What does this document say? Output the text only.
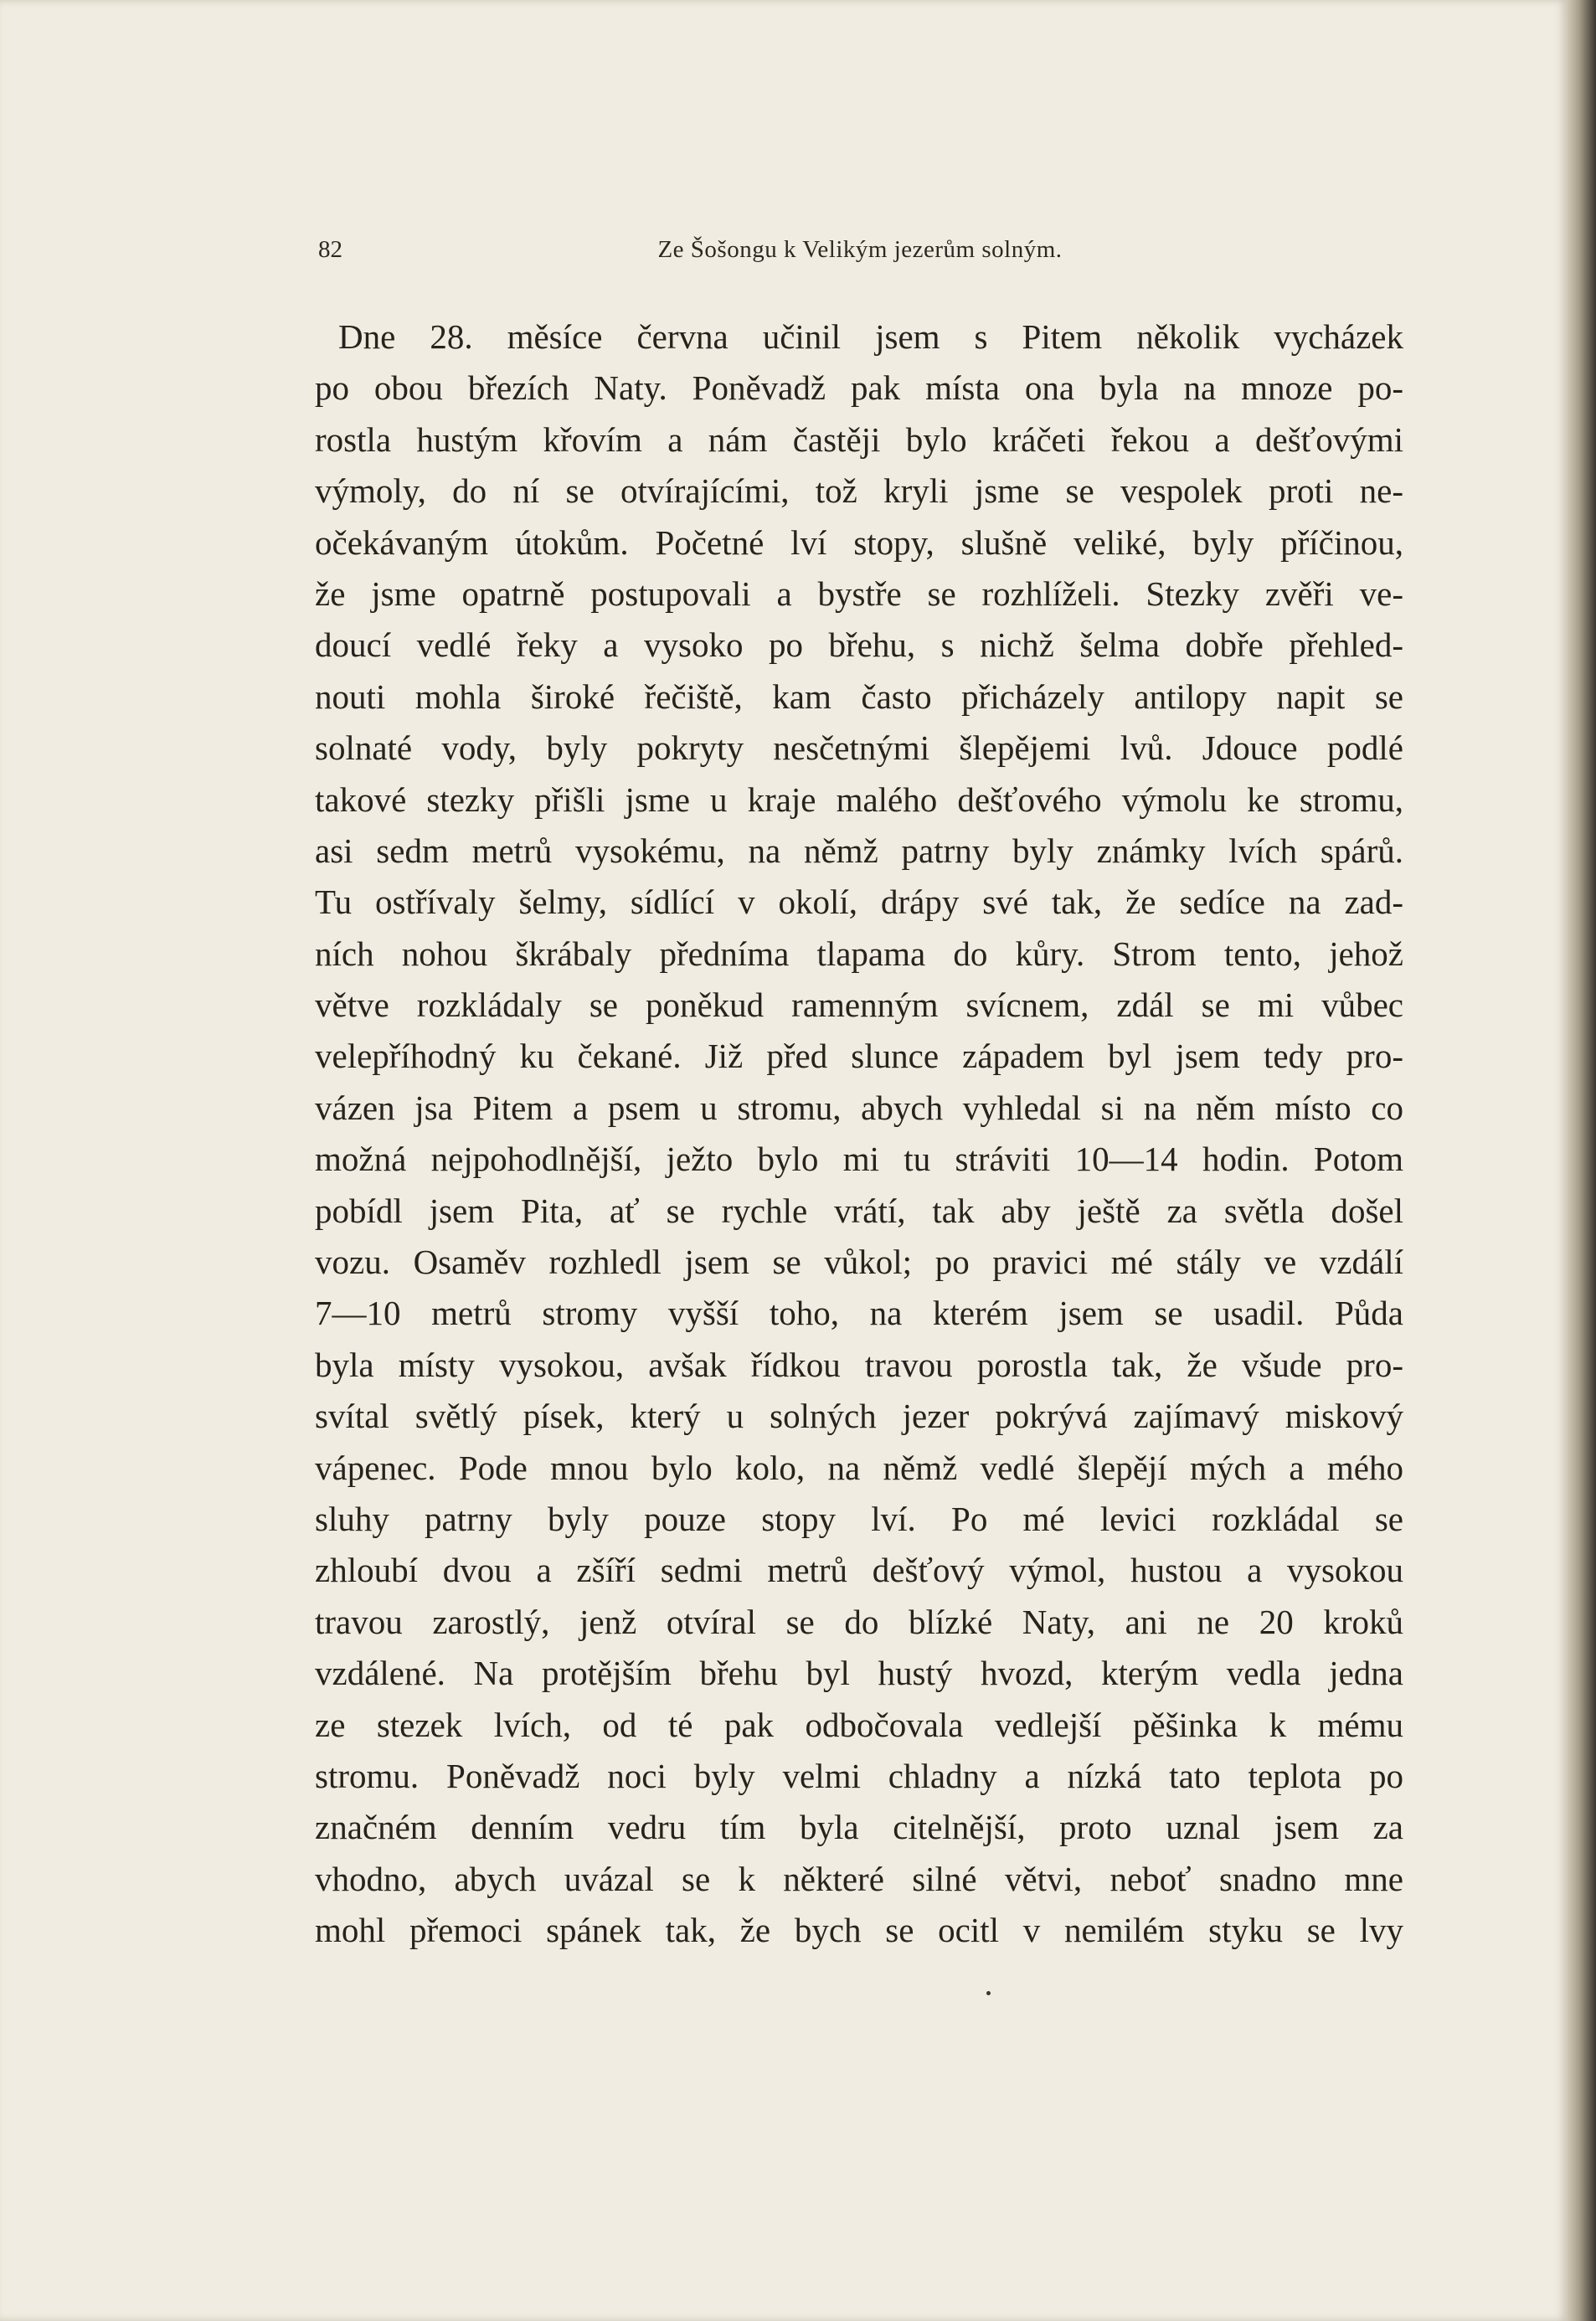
82	Ze Šošongu k Velikým jezerům solným.
Dne 28. měsíce června učinil jsem s Pitem několik vycházek
po obou březích Naty. Poněvadž pak místa ona byla na mnoze po-
rostla hustým křovím a nám častěji bylo kráčeti řekou a dešťovými
výmoly, do ní se otvírajícími, tož kryli jsme se vespolek proti ne-
očekávaným útokům. Početné lví stopy, slušně veliké, byly příčinou,
že jsme opatrně postupovali a bystře se rozhlíželi. Stezky zvěři ve-
doucí vedlé řeky a vysoko po břehu, s nichž šelma dobře přehled-
nouti mohla široké řečiště, kam často přicházely antilopy napit se
solnaté vody, byly pokryty nesčetnými šlepějemi lvů. Jdouce podlé
takové stezky přišli jsme u kraje malého dešťového výmolu ke stromu,
asi sedm metrů vysokému, na němž patrny byly známky lvích spárů.
Tu ostřívaly šelmy, sídlící v okolí, drápy své tak, že sedíce na zad-
ních nohou škrábaly předníma tlapama do kůry. Strom tento, jehož
větve rozkládaly se poněkud ramenným svícnem, zdál se mi vůbec
velepříhodný ku čekané. Již před slunce západem byl jsem tedy pro-
vázen jsa Pitem a psem u stromu, abych vyhledal si na něm místo co
možná nejpohodlnější, ježto bylo mi tu stráviti 10—14 hodin. Potom
pobídl jsem Pita, ať se rychle vrátí, tak aby ještě za světla došel
vozu. Osaměv rozhledl jsem se vůkol; po pravici mé stály ve vzdálí
7—10 metrů stromy vyšší toho, na kterém jsem se usadil. Půda
byla místy vysokou, avšak řídkou travou porostla tak, že všude pro-
svítal světlý písek, který u solných jezer pokrývá zajímavý miskový
vápenec. Pode mnou bylo kolo, na němž vedlé šlepějí mých a mého
sluhy patrny byly pouze stopy lví. Po mé levici rozkládal se
zhloubí dvou a zšíří sedmi metrů dešťový výmol, hustou a vysokou
travou zarostlý, jenž otvíral se do blízké Naty, ani ne 20 kroků
vzdálené. Na protějším břehu byl hustý hvozd, kterým vedla jedna
ze stezek lvích, od té pak odbočovala vedlejší pěšinka k mému
stromu. Poněvadž noci byly velmi chladny a nízká tato teplota po
značném denním vedru tím byla citelnější, proto uznal jsem za
vhodno, abych uvázal se k některé silné větvi, neboť snadno mne
mohl přemoci spánek tak, že bych se ocitl v nemilém styku se lvy
